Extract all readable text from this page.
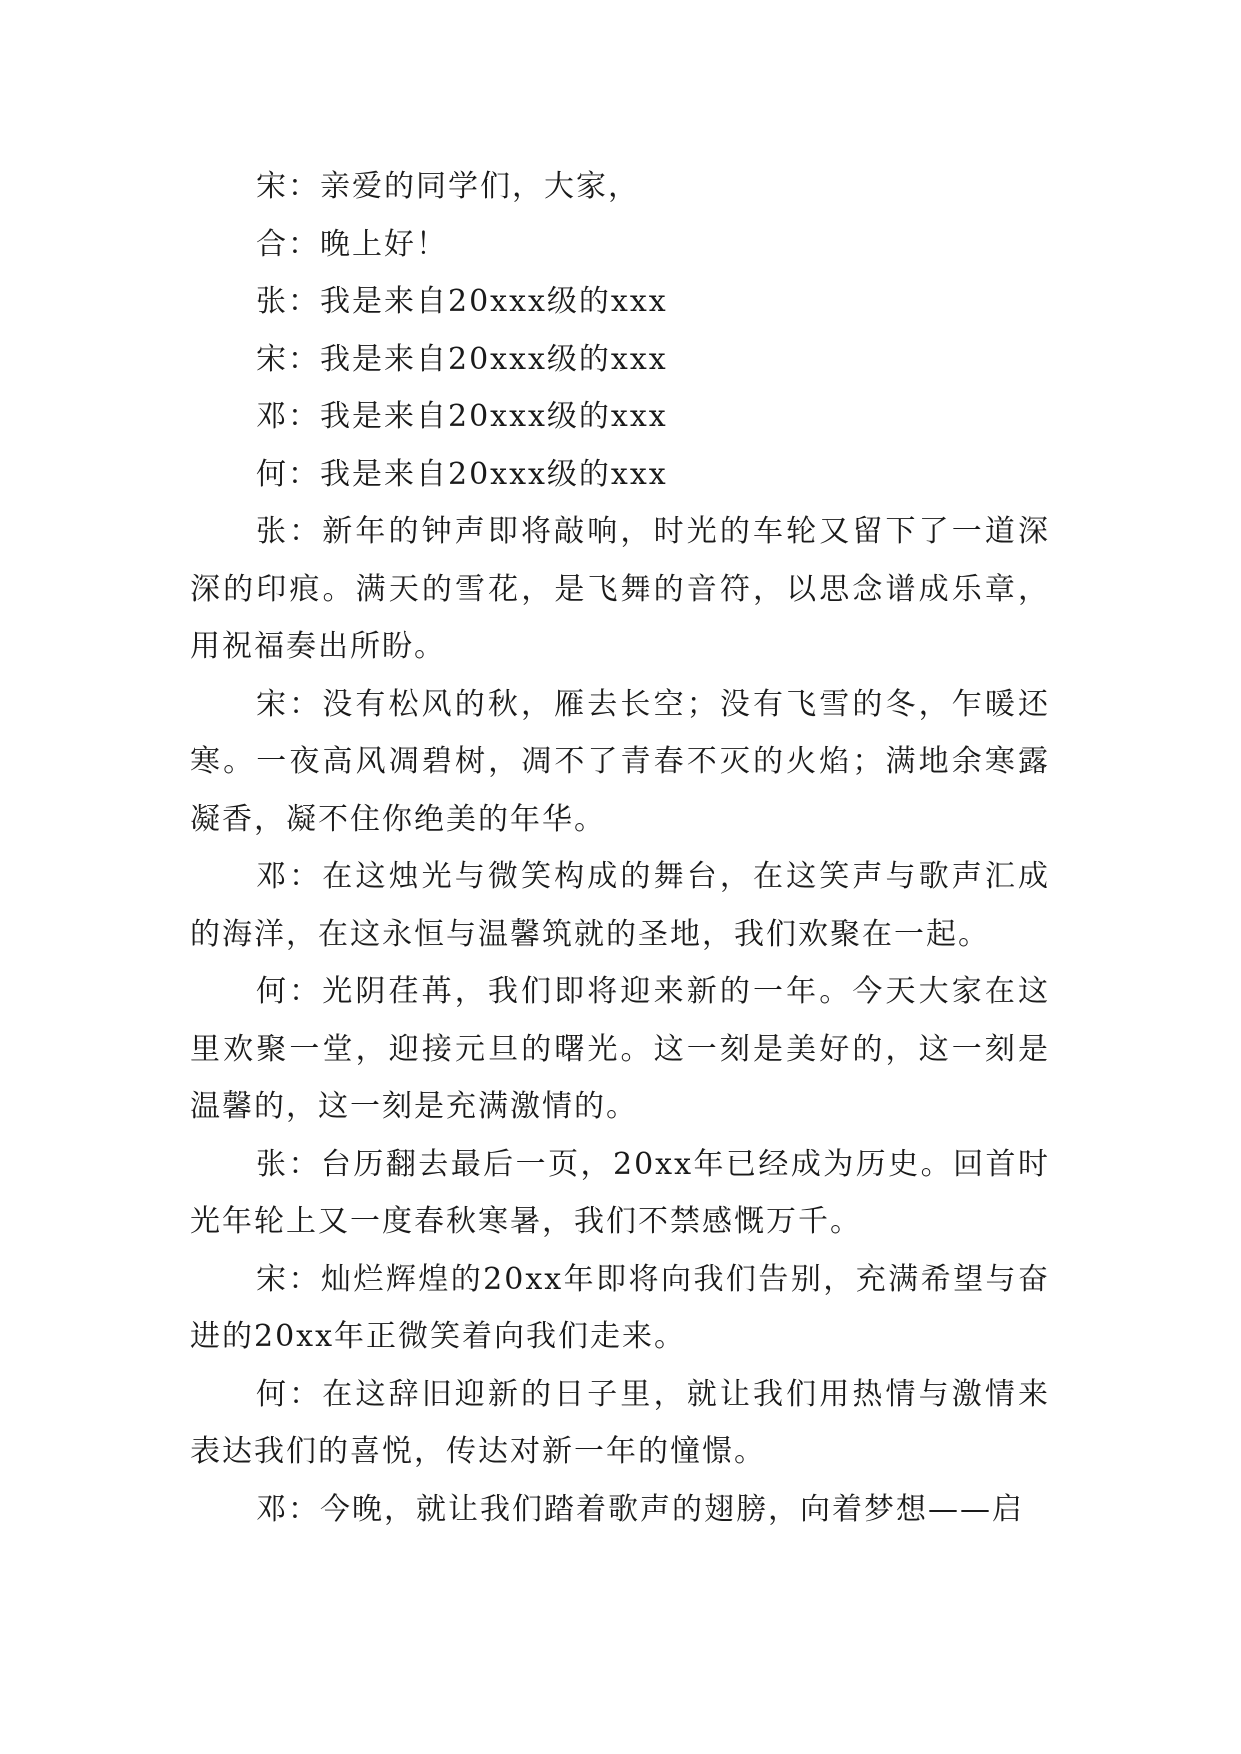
宋：亲爱的同学们，大家，

合：晚上好！

张：我是来自20xxx级的xxx

宋：我是来自20xxx级的xxx

邓：我是来自20xxx级的xxx

何：我是来自20xxx级的xxx

张：新年的钟声即将敲响，时光的车轮又留下了一道深深的印痕。满天的雪花，是飞舞的音符，以思念谱成乐章，用祝福奏出所盼。

宋：没有松风的秋，雁去长空；没有飞雪的冬，乍暖还寒。一夜高风凋碧树，凋不了青春不灭的火焰；满地余寒露凝香，凝不住你绝美的年华。

邓：在这烛光与微笑构成的舞台，在这笑声与歌声汇成的海洋，在这永恒与温馨筑就的圣地，我们欢聚在一起。

何：光阴荏苒，我们即将迎来新的一年。今天大家在这里欢聚一堂，迎接元旦的曙光。这一刻是美好的，这一刻是温馨的，这一刻是充满激情的。

张：台历翻去最后一页，20xx年已经成为历史。回首时光年轮上又一度春秋寒暑，我们不禁感慨万千。

宋：灿烂辉煌的20xx年即将向我们告别，充满希望与奋进的20xx年正微笑着向我们走来。

何：在这辞旧迎新的日子里，就让我们用热情与激情来表达我们的喜悦，传达对新一年的憧憬。

邓：今晚，就让我们踏着歌声的翅膀，向着梦想——启
